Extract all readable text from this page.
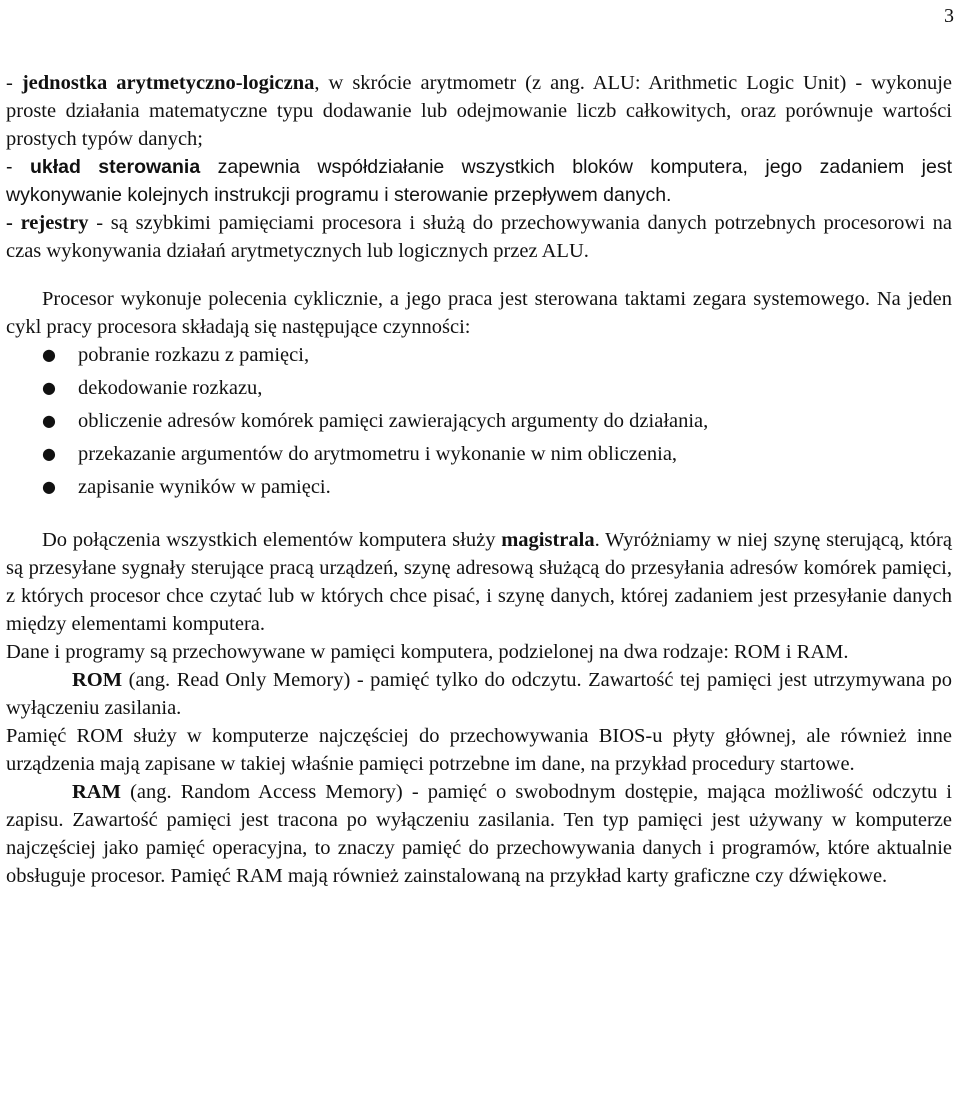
3

- jednostka arytmetyczno-logiczna, w skrócie arytmometr (z ang. ALU: Arithmetic Logic Unit) - wykonuje proste działania matematyczne typu dodawanie lub odejmowanie liczb całkowitych, oraz porównuje wartości prostych typów danych;

- układ sterowania zapewnia współdziałanie wszystkich bloków komputera, jego zadaniem jest wykonywanie kolejnych instrukcji programu i sterowanie przepływem danych.

- rejestry - są szybkimi pamięciami procesora i służą do przechowywania danych potrzebnych procesorowi na czas wykonywania działań arytmetycznych lub logicznych przez ALU.

Procesor wykonuje polecenia cyklicznie, a jego praca jest sterowana taktami zegara systemowego. Na jeden cykl pracy procesora składają się następujące czynności:

● pobranie rozkazu z pamięci,
● dekodowanie rozkazu,
● obliczenie adresów komórek pamięci zawierających argumenty do działania,
● przekazanie argumentów do arytmometru i wykonanie w nim obliczenia,
● zapisanie wyników w pamięci.

Do połączenia wszystkich elementów komputera służy magistrala. Wyróżniamy w niej szynę sterującą, którą są przesyłane sygnały sterujące pracą urządzeń, szynę adresową służącą do przesyłania adresów komórek pamięci, z których procesor chce czytać lub w których chce pisać, i szynę danych, której zadaniem jest przesyłanie danych między elementami komputera.

Dane i programy są przechowywane w pamięci komputera, podzielonej na dwa rodzaje: ROM i RAM.

ROM (ang. Read Only Memory) - pamięć tylko do odczytu. Zawartość tej pamięci jest utrzymywana po wyłączeniu zasilania.

Pamięć ROM służy w komputerze najczęściej do przechowywania BIOS-u płyty głównej, ale również inne urządzenia mają zapisane w takiej właśnie pamięci potrzebne im dane, na przykład procedury startowe.

RAM (ang. Random Access Memory) - pamięć o swobodnym dostępie, mająca możliwość odczytu i zapisu. Zawartość pamięci jest tracona po wyłączeniu zasilania. Ten typ pamięci jest używany w komputerze najczęściej jako pamięć operacyjna, to znaczy pamięć do przechowywania danych i programów, które aktualnie obsługuje procesor. Pamięć RAM mają również zainstalowaną na przykład karty graficzne czy dźwiękowe.
